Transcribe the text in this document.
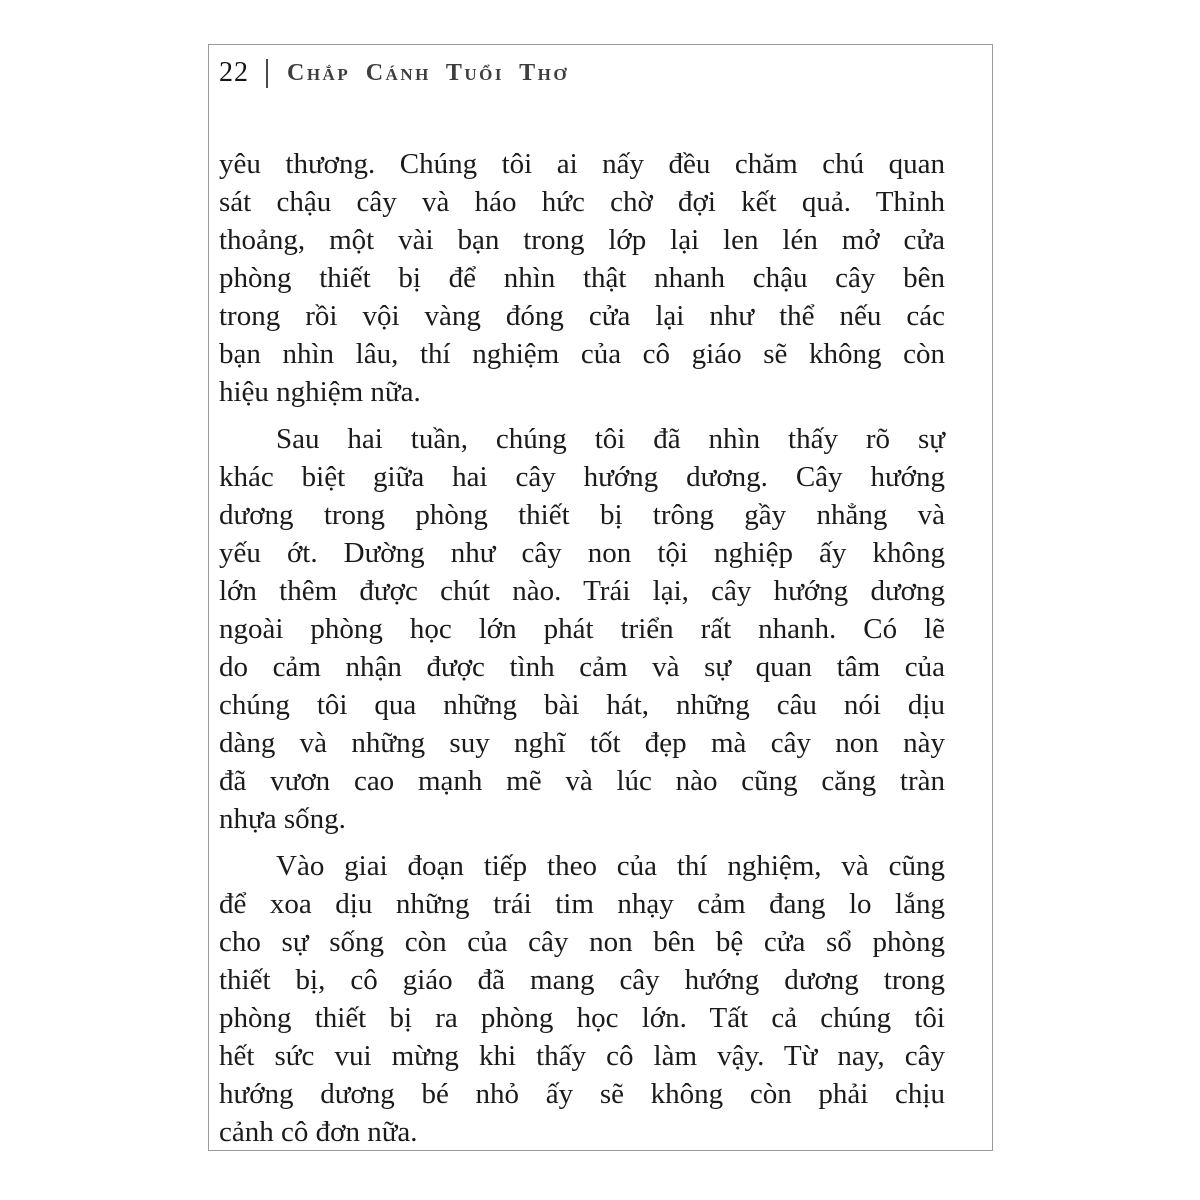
22 Chắp Cánh Tuổi Thơ
yêu thương. Chúng tôi ai nấy đều chăm chú quan
sát chậu cây và háo hức chờ đợi kết quả. Thỉnh
thoảng, một vài bạn trong lớp lại len lén mở cửa
phòng thiết bị để nhìn thật nhanh chậu cây bên
trong rồi vội vàng đóng cửa lại như thể nếu các
bạn nhìn lâu, thí nghiệm của cô giáo sẽ không còn
hiệu nghiệm nữa.
Sau hai tuần, chúng tôi đã nhìn thấy rõ sự
khác biệt giữa hai cây hướng dương. Cây hướng
dương trong phòng thiết bị trông gầy nhẳng và
yếu ớt. Dường như cây non tội nghiệp ấy không
lớn thêm được chút nào. Trái lại, cây hướng dương
ngoài phòng học lớn phát triển rất nhanh. Có lẽ
do cảm nhận được tình cảm và sự quan tâm của
chúng tôi qua những bài hát, những câu nói dịu
dàng và những suy nghĩ tốt đẹp mà cây non này
đã vươn cao mạnh mẽ và lúc nào cũng căng tràn
nhựa sống.
Vào giai đoạn tiếp theo của thí nghiệm, và cũng
để xoa dịu những trái tim nhạy cảm đang lo lắng
cho sự sống còn của cây non bên bệ cửa sổ phòng
thiết bị, cô giáo đã mang cây hướng dương trong
phòng thiết bị ra phòng học lớn. Tất cả chúng tôi
hết sức vui mừng khi thấy cô làm vậy. Từ nay, cây
hướng dương bé nhỏ ấy sẽ không còn phải chịu
cảnh cô đơn nữa.
